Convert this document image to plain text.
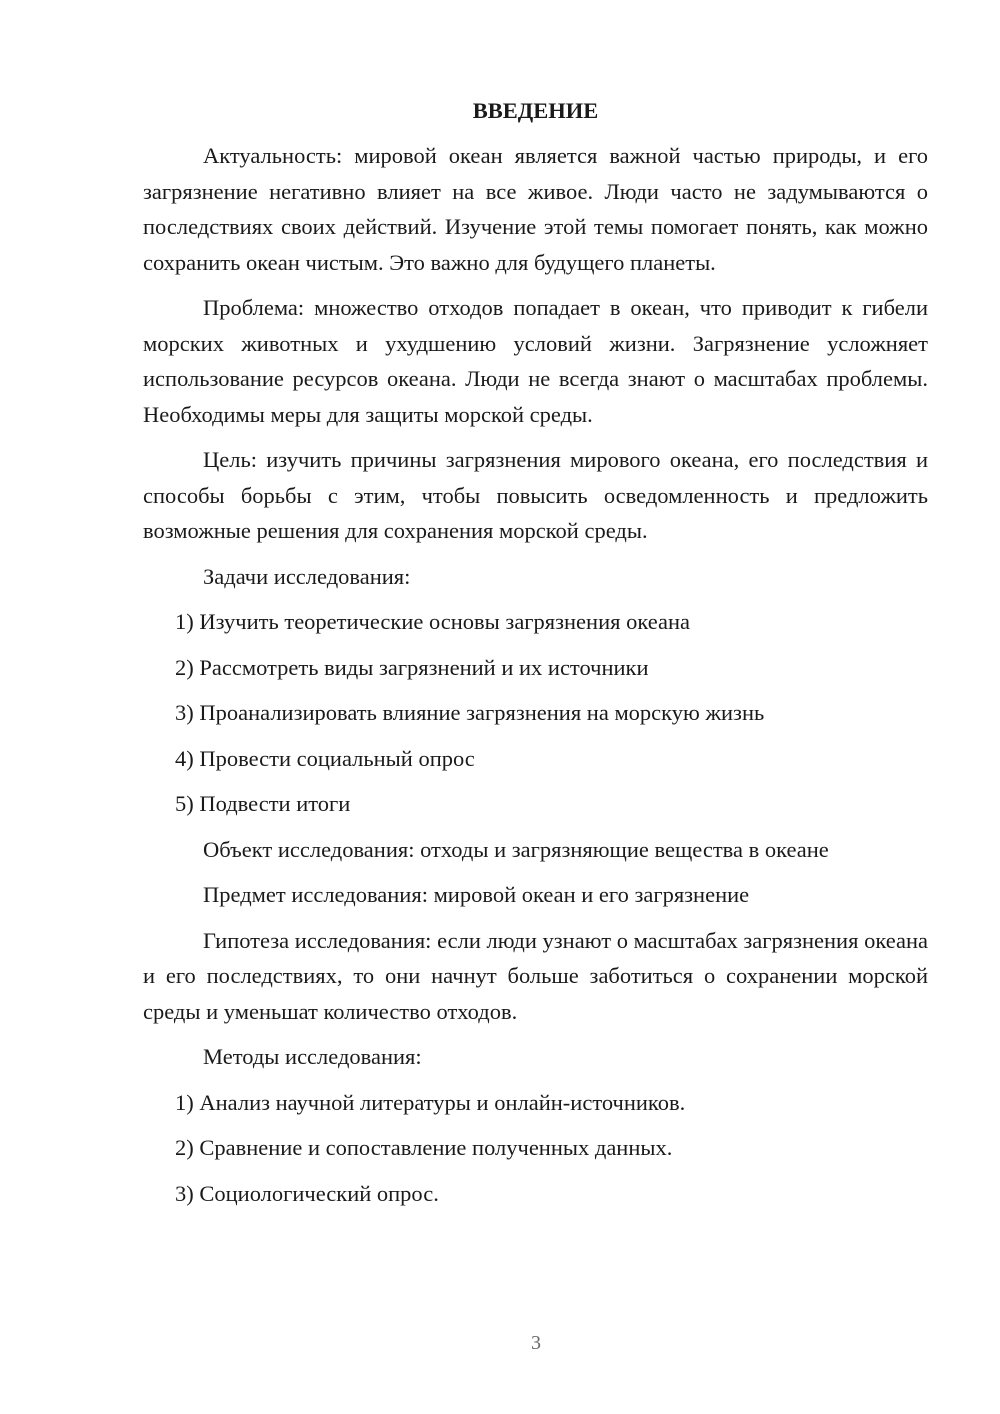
ВВЕДЕНИЕ

Актуальность: мировой океан является важной частью природы, и его загрязнение негативно влияет на все живое. Люди часто не задумываются о последствиях своих действий. Изучение этой темы помогает понять, как можно сохранить океан чистым. Это важно для будущего планеты.

Проблема: множество отходов попадает в океан, что приводит к гибели морских животных и ухудшению условий жизни. Загрязнение усложняет использование ресурсов океана. Люди не всегда знают о масштабах проблемы. Необходимы меры для защиты морской среды.

Цель: изучить причины загрязнения мирового океана, его последствия и способы борьбы с этим, чтобы повысить осведомленность и предложить возможные решения для сохранения морской среды.

Задачи исследования:

1) Изучить теоретические основы загрязнения океана

2) Рассмотреть виды загрязнений и их источники

3) Проанализировать влияние загрязнения на морскую жизнь

4) Провести социальный опрос

5) Подвести итоги

Объект исследования: отходы и загрязняющие вещества в океане

Предмет исследования: мировой океан и его загрязнение

Гипотеза исследования: если люди узнают о масштабах загрязнения океана и его последствиях, то они начнут больше заботиться о сохранении морской среды и уменьшат количество отходов.

Методы исследования:

1) Анализ научной литературы и онлайн-источников.

2) Сравнение и сопоставление полученных данных.

3) Социологический опрос.

3
